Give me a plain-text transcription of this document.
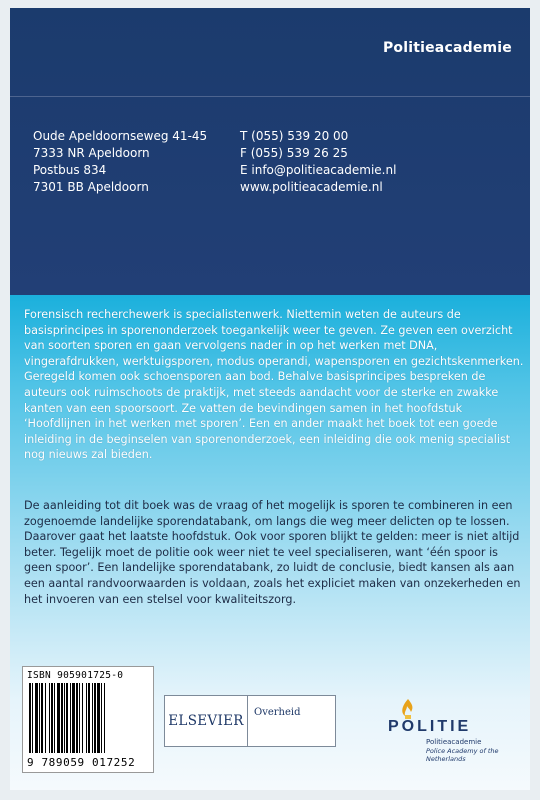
Politieacademie
Oude Apeldoornseweg 41-45
7333 NR Apeldoorn
Postbus 834
7301 BB Apeldoorn
T (055) 539 20 00
F (055) 539 26 25
E info@politieacademie.nl
www.politieacademie.nl
Forensisch recherchewerk is specialistenwerk. Niettemin weten de auteurs de basisprincipes in sporenonderzoek toegankelijk weer te geven. Ze geven een overzicht van soorten sporen en gaan vervolgens nader in op het werken met DNA, vingerafdrukken, werktuigsporen, modus operandi, wapensporen en gezichtskenmerken. Geregeld komen ook schoensporen aan bod. Behalve basisprincipes bespreken de auteurs ook ruimschoots de praktijk, met steeds aandacht voor de sterke en zwakke kanten van een spoorsoort. Ze vatten de bevindingen samen in het hoofdstuk ‘Hoofdlijnen in het werken met sporen’. Een en ander maakt het boek tot een goede inleiding in de beginselen van sporenonderzoek, een inleiding die ook menig specialist nog nieuws zal bieden.
De aanleiding tot dit boek was de vraag of het mogelijk is sporen te combineren in een zogenoemde landelijke sporendatabank, om langs die weg meer delicten op te lossen. Daarover gaat het laatste hoofdstuk. Ook voor sporen blijkt te gelden: meer is niet altijd beter. Tegelijk moet de politie ook weer niet te veel specialiseren, want ‘één spoor is geen spoor’. Een landelijke sporendatabank, zo luidt de conclusie, biedt kansen als aan een aantal randvoorwaarden is voldaan, zoals het expliciet maken van onzekerheden en het invoeren van een stelsel voor kwaliteitszorg.
ISBN 905901725-0
9 789059 017252
ELSEVIER
Overheid
POLITIE
Politieacademie
Police Academy of the Netherlands
